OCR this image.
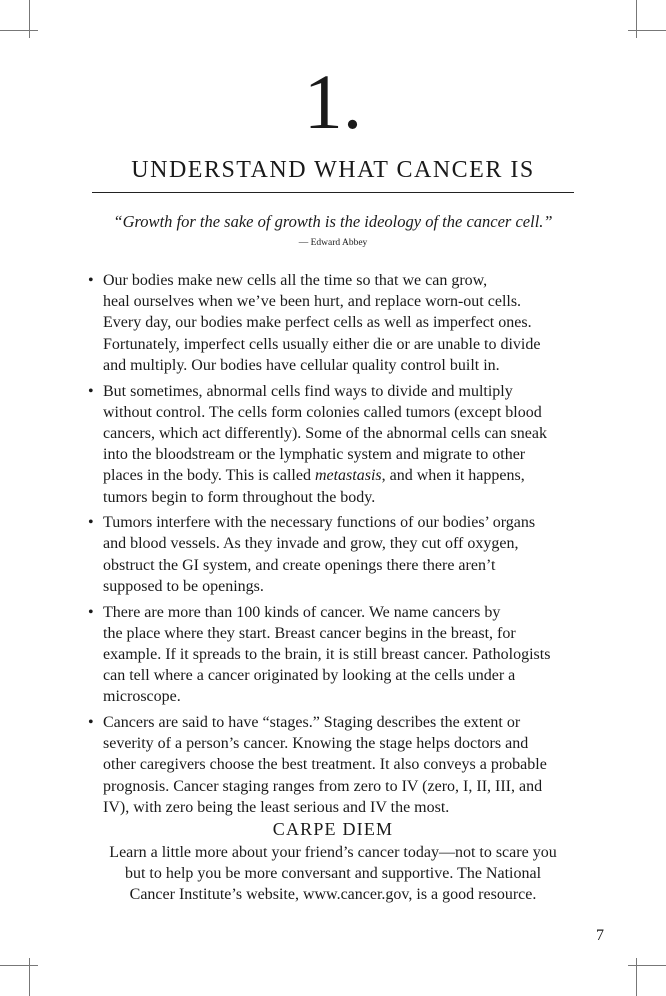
1.
UNDERSTAND WHAT CANCER IS
“Growth for the sake of growth is the ideology of the cancer cell.”
— Edward Abbey
• Our bodies make new cells all the time so that we can grow,
heal ourselves when we’ve been hurt, and replace worn-out cells.
Every day, our bodies make perfect cells as well as imperfect ones.
Fortunately, imperfect cells usually either die or are unable to divide
and multiply. Our bodies have cellular quality control built in.
• But sometimes, abnormal cells find ways to divide and multiply
without control. The cells form colonies called tumors (except blood
cancers, which act differently). Some of the abnormal cells can sneak
into the bloodstream or the lymphatic system and migrate to other
places in the body. This is called metastasis, and when it happens,
tumors begin to form throughout the body.
• Tumors interfere with the necessary functions of our bodies’ organs
and blood vessels. As they invade and grow, they cut off oxygen,
obstruct the GI system, and create openings there there aren’t
supposed to be openings.
• There are more than 100 kinds of cancer. We name cancers by
the place where they start. Breast cancer begins in the breast, for
example. If it spreads to the brain, it is still breast cancer. Pathologists
can tell where a cancer originated by looking at the cells under a
microscope.
• Cancers are said to have “stages.” Staging describes the extent or
severity of a person’s cancer. Knowing the stage helps doctors and
other caregivers choose the best treatment. It also conveys a probable
prognosis. Cancer staging ranges from zero to IV (zero, I, II, III, and
IV), with zero being the least serious and IV the most.
CARPE DIEM
Learn a little more about your friend’s cancer today—not to scare you
but to help you be more conversant and supportive. The National
Cancer Institute’s website, www.cancer.gov, is a good resource.
7
